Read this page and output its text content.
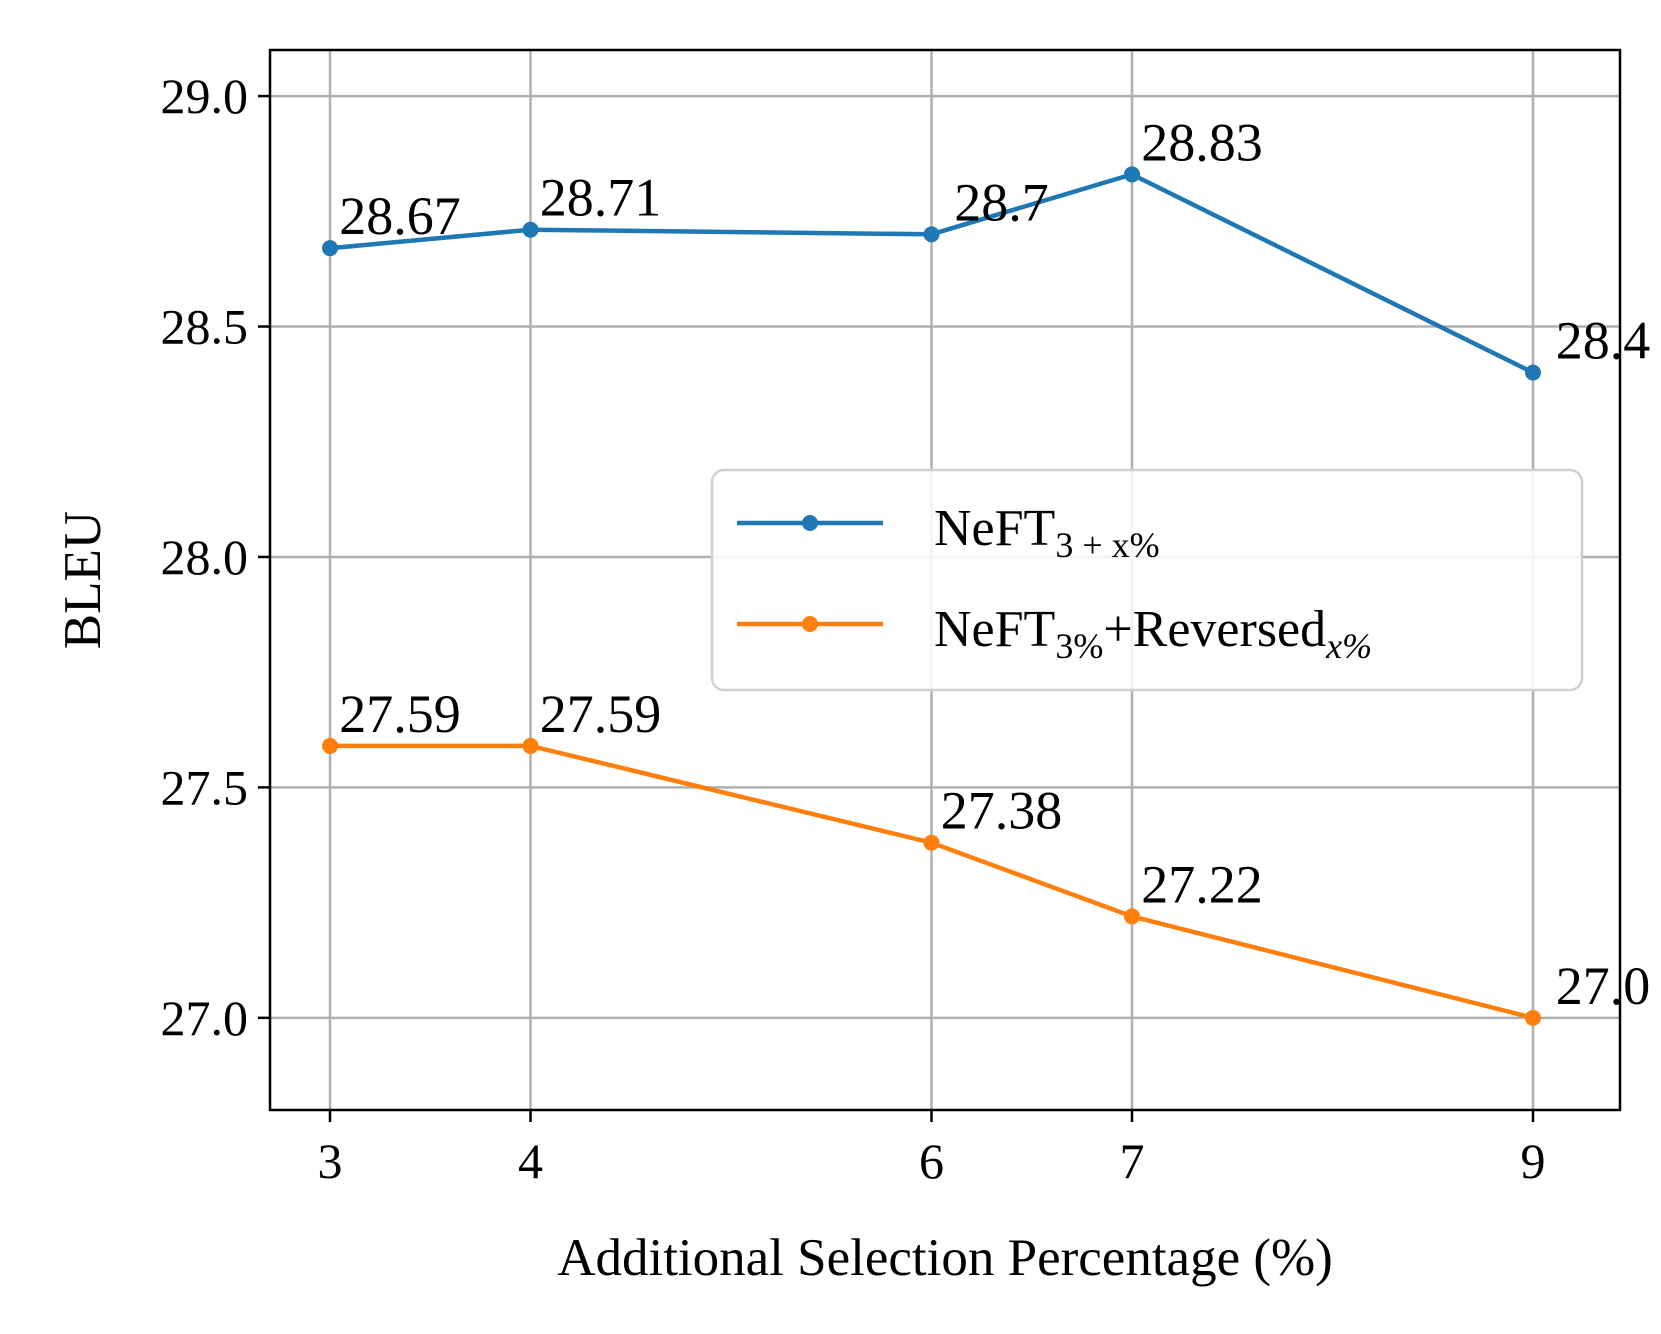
28.67 28.71	28.7
28.83
28.4
27.59 27.59
27.38
27.22
27.0
3	4	6	7	9
27.0
27.5
28.0
28.5
29.0
Additional Selection Percentage (%)
BLEU	NeFT$_{3 + x\%}$
NeFT$_{3\%}$+Reversed$_{x\%}$
